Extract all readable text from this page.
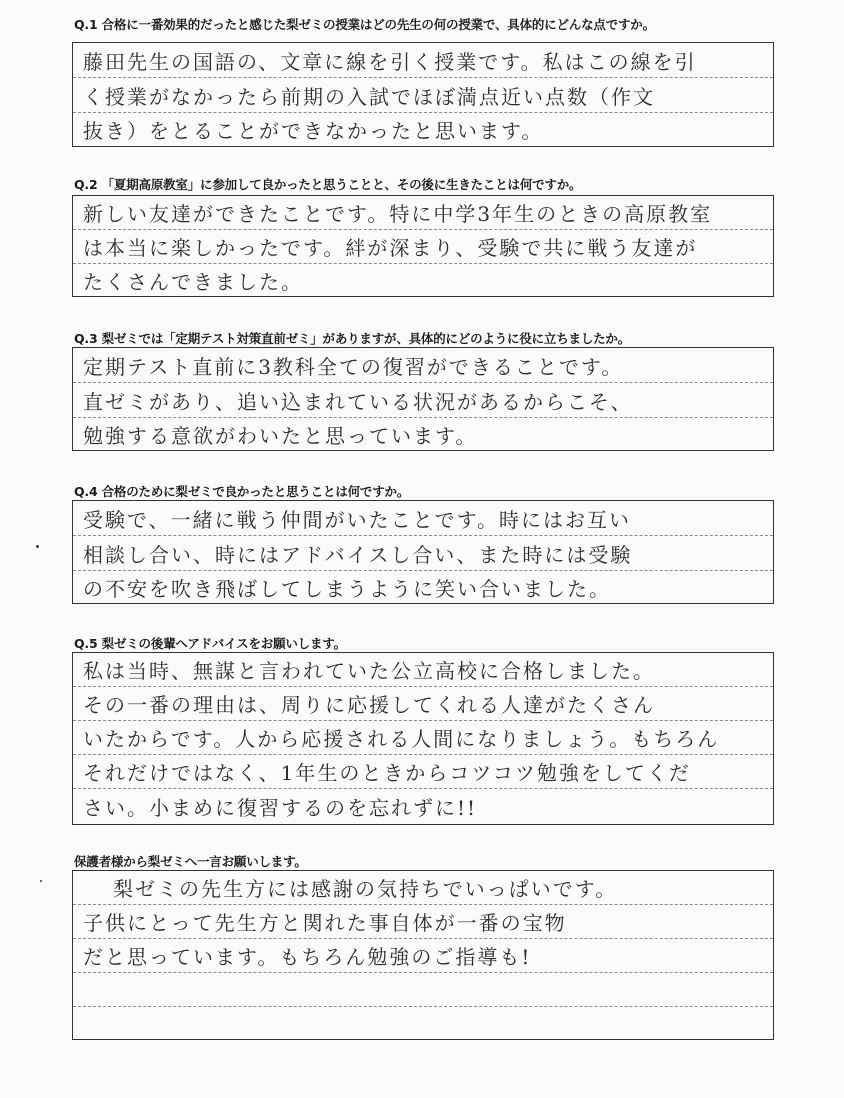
Q.1 合格に一番効果的だったと感じた梨ゼミの授業はどの先生の何の授業で、具体的にどんな点ですか。
藤田先生の国語の、文章に線を引く授業です。私はこの線を引
く授業がなかったら前期の入試でほぼ満点近い点数（作文
抜き）をとることができなかったと思います。
Q.2 「夏期高原教室」に参加して良かったと思うことと、その後に生きたことは何ですか。
新しい友達ができたことです。特に中学3年生のときの高原教室
は本当に楽しかったです。絆が深まり、受験で共に戦う友達が
たくさんできました。
Q.3 梨ゼミでは「定期テスト対策直前ゼミ」がありますが、具体的にどのように役に立ちましたか。
定期テスト直前に3教科全ての復習ができることです。
直ゼミがあり、追い込まれている状況があるからこそ、
勉強する意欲がわいたと思っています。
Q.4 合格のために梨ゼミで良かったと思うことは何ですか。
受験で、一緒に戦う仲間がいたことです。時にはお互い
相談し合い、時にはアドバイスし合い、また時には受験
の不安を吹き飛ばしてしまうように笑い合いました。
Q.5 梨ゼミの後輩へアドバイスをお願いします。
私は当時、無謀と言われていた公立高校に合格しました。
その一番の理由は、周りに応援してくれる人達がたくさん
いたからです。人から応援される人間になりましょう。もちろん
それだけではなく、1年生のときからコツコツ勉強をしてくだ
さい。小まめに復習するのを忘れずに!!
保護者様から梨ゼミへ一言お願いします。
梨ゼミの先生方には感謝の気持ちでいっぱいです。
子供にとって先生方と関れた事自体が一番の宝物
だと思っています。もちろん勉強のご指導も!
